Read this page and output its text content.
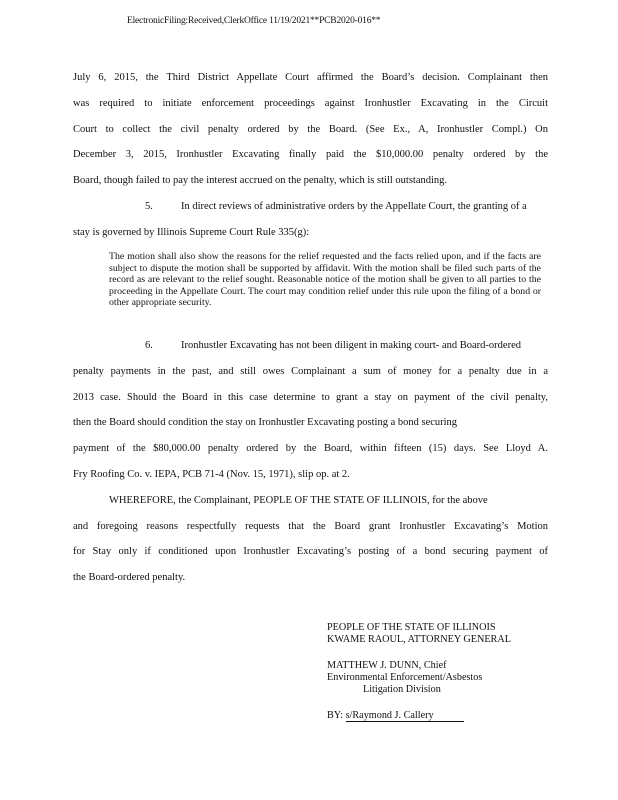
ElectronicFiling:Received,ClerkOffice 11/19/2021**PCB2020-016**
July 6, 2015, the Third District Appellate Court affirmed the Board’s decision. Complainant then
was required to initiate enforcement proceedings against Ironhustler Excavating in the Circuit
Court to collect the civil penalty ordered by the Board. (See Ex., A, Ironhustler Compl.) On
December 3, 2015, Ironhustler Excavating finally paid the $10,000.00 penalty ordered by the
Board, though failed to pay the interest accrued on the penalty, which is still outstanding.
5.	In direct reviews of administrative orders by the Appellate Court, the granting of a
stay is governed by Illinois Supreme Court Rule 335(g):
The motion shall also show the reasons for the relief requested and the facts relied upon, and if the facts are subject to dispute the motion shall be supported by affidavit. With the motion shall be filed such parts of the record as are relevant to the relief sought. Reasonable notice of the motion shall be given to all parties to the proceeding in the Appellate Court. The court may condition relief under this rule upon the filing of a bond or other appropriate security.
6.	Ironhustler Excavating has not been diligent in making court- and Board-ordered
penalty payments in the past, and still owes Complainant a sum of money for a penalty due in a
2013 case. Should the Board in this case determine to grant a stay on payment of the civil penalty,
then the Board should condition the stay on Ironhustler Excavating posting a bond securing
payment of the $80,000.00 penalty ordered by the Board, within fifteen (15) days. See Lloyd A.
Fry Roofing Co. v. IEPA, PCB 71-4 (Nov. 15, 1971), slip op. at 2.
WHEREFORE, the Complainant, PEOPLE OF THE STATE OF ILLINOIS, for the above
and foregoing reasons respectfully requests that the Board grant Ironhustler Excavating’s Motion
for Stay only if conditioned upon Ironhustler Excavating’s posting of a bond securing payment of
the Board-ordered penalty.
PEOPLE OF THE STATE OF ILLINOIS
KWAME RAOUL, ATTORNEY GENERAL
MATTHEW J. DUNN, Chief
Environmental Enforcement/Asbestos
Litigation Division
BY: s/Raymond J. Callery
